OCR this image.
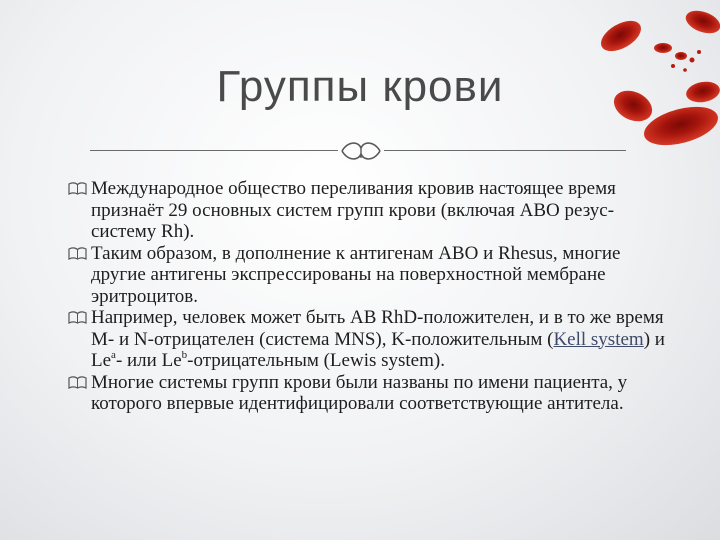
Группы крови
Международное общество переливания кровив настоящее время признаёт 29 основных систем групп крови (включая АВО резус-систему Rh).
Таким образом, в дополнение к антигенам ABO и Rhesus, многие другие антигены экспрессированы на поверхностной мембране эритроцитов.
Например, человек может быть AB RhD-положителен, и в то же время M- и N-отрицателен (система MNS), K-положительным (Kell system) и Le$^a$- или Le$^b$-отрицательным (Lewis system).
Многие системы групп крови были названы по имени пациента, у которого впервые идентифицировали соответствующие антитела.
